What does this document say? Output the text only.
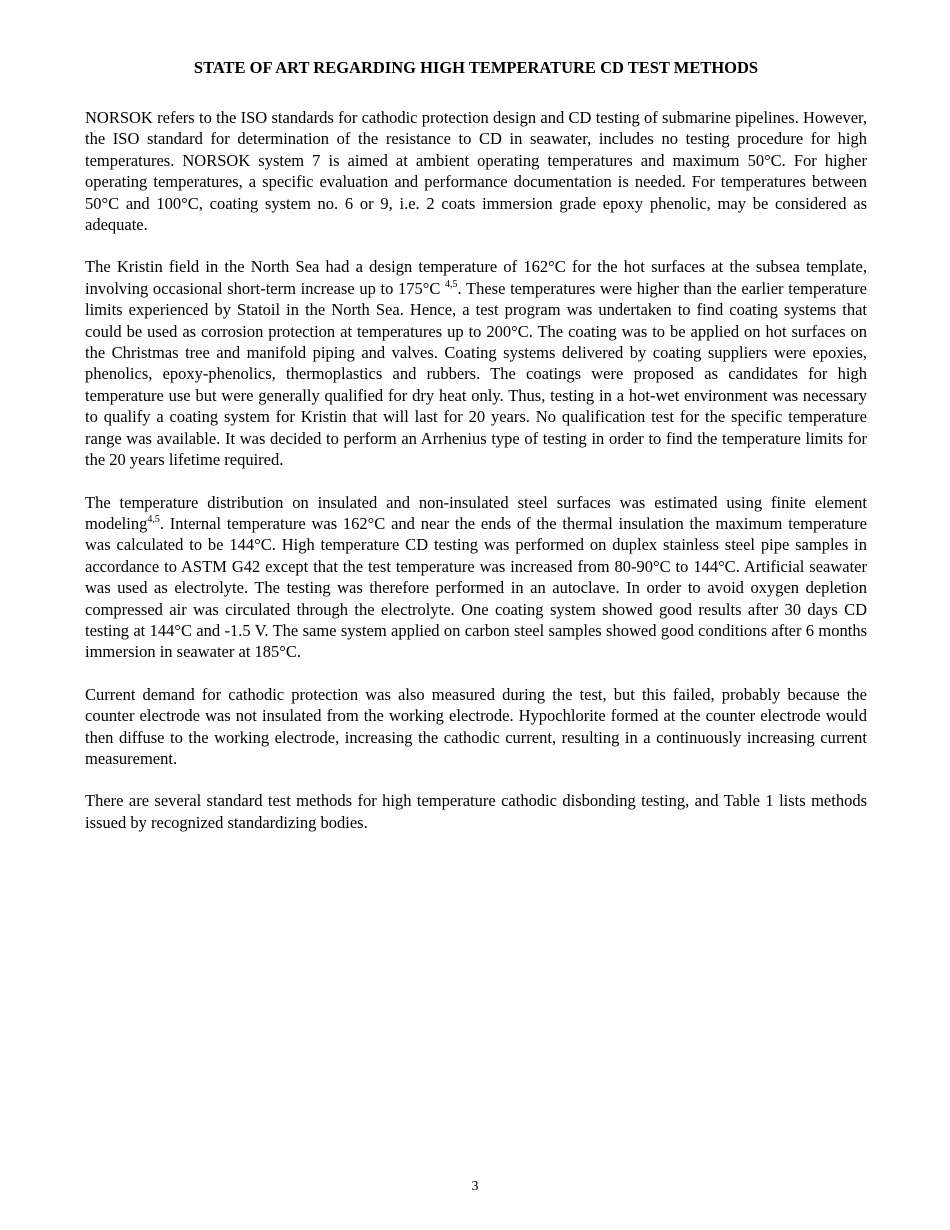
STATE OF ART REGARDING HIGH TEMPERATURE CD TEST METHODS

NORSOK refers to the ISO standards for cathodic protection design and CD testing of submarine pipelines. However, the ISO standard for determination of the resistance to CD in seawater, includes no testing procedure for high temperatures. NORSOK system 7 is aimed at ambient operating temperatures and maximum 50°C. For higher operating temperatures, a specific evaluation and performance documentation is needed. For temperatures between 50°C and 100°C, coating system no. 6 or 9, i.e. 2 coats immersion grade epoxy phenolic, may be considered as adequate.

The Kristin field in the North Sea had a design temperature of 162°C for the hot surfaces at the subsea template, involving occasional short-term increase up to 175°C $^{4,5}$. These temperatures were higher than the earlier temperature limits experienced by Statoil in the North Sea. Hence, a test program was undertaken to find coating systems that could be used as corrosion protection at temperatures up to 200°C. The coating was to be applied on hot surfaces on the Christmas tree and manifold piping and valves. Coating systems delivered by coating suppliers were epoxies, phenolics, epoxy-phenolics, thermoplastics and rubbers. The coatings were proposed as candidates for high temperature use but were generally qualified for dry heat only. Thus, testing in a hot-wet environment was necessary to qualify a coating system for Kristin that will last for 20 years. No qualification test for the specific temperature range was available. It was decided to perform an Arrhenius type of testing in order to find the temperature limits for the 20 years lifetime required.

The temperature distribution on insulated and non-insulated steel surfaces was estimated using finite element modeling$^{4,5}$. Internal temperature was 162°C and near the ends of the thermal insulation the maximum temperature was calculated to be 144°C. High temperature CD testing was performed on duplex stainless steel pipe samples in accordance to ASTM G42 except that the test temperature was increased from 80-90°C to 144°C. Artificial seawater was used as electrolyte. The testing was therefore performed in an autoclave. In order to avoid oxygen depletion compressed air was circulated through the electrolyte. One coating system showed good results after 30 days CD testing at 144°C and -1.5 V. The same system applied on carbon steel samples showed good conditions after 6 months immersion in seawater at 185°C.

Current demand for cathodic protection was also measured during the test, but this failed, probably because the counter electrode was not insulated from the working electrode. Hypochlorite formed at the counter electrode would then diffuse to the working electrode, increasing the cathodic current, resulting in a continuously increasing current measurement.

There are several standard test methods for high temperature cathodic disbonding testing, and Table 1 lists methods issued by recognized standardizing bodies.

3
